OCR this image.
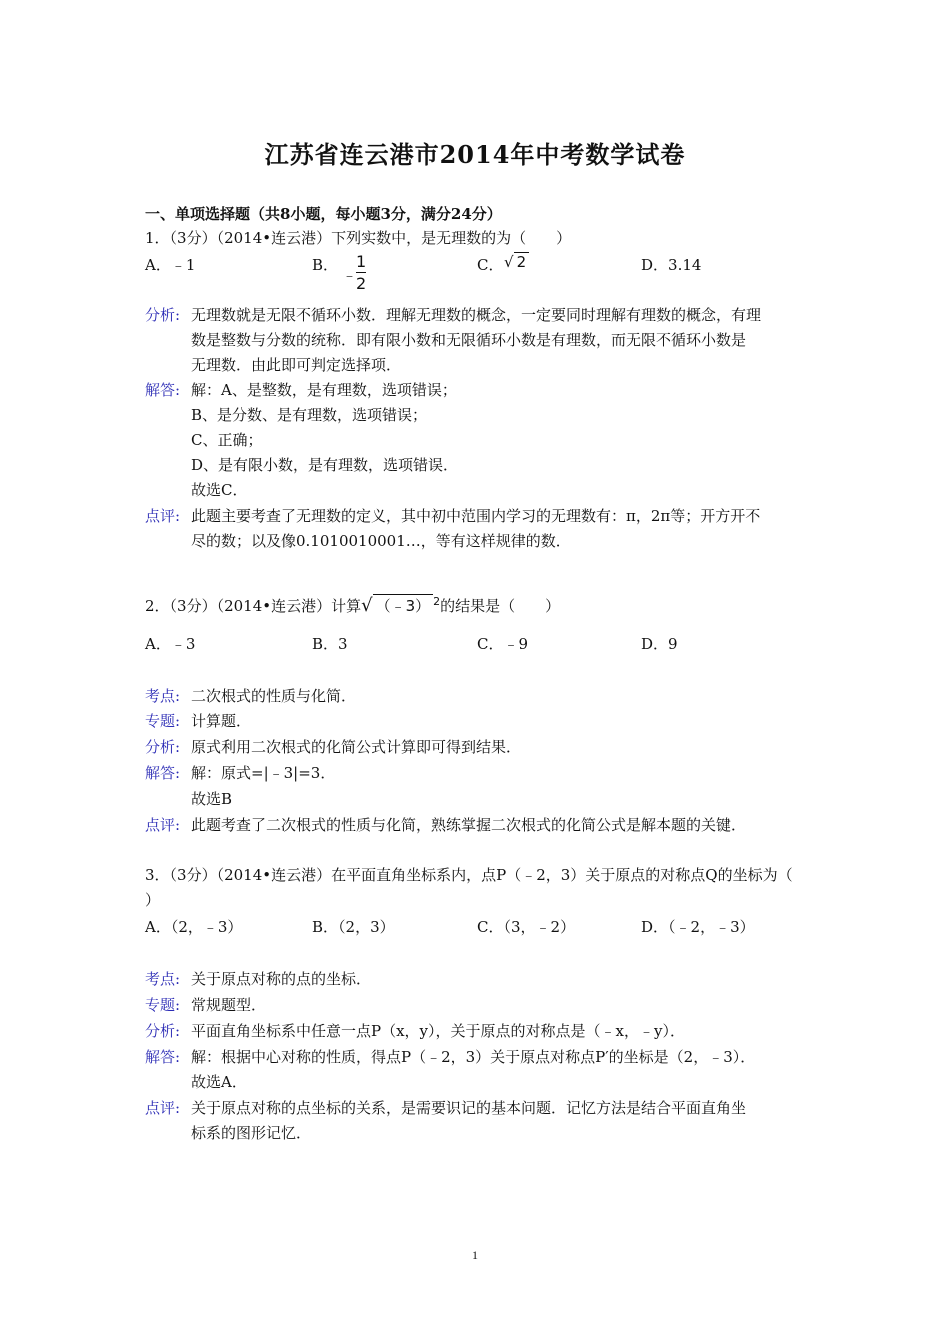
江苏省连云港市2014年中考数学试卷
一、单项选择题（共8小题，每小题3分，满分24分）
1．（3分）（2014•连云港）下列实数中，是无理数的为（　　）
A．﹣1	B．
﹣
1
2
C． √ 2	D．3.14
分析: 无理数就是无限不循环小数．理解无理数的概念，一定要同时理解有理数的概念，有理
数是整数与分数的统称．即有限小数和无限循环小数是有理数，而无限不循环小数是
无理数．由此即可判定选择项．
解答: 解：A、是整数，是有理数，选项错误；
B、是分数、是有理数，选项错误；
C、正确；
D、是有限小数，是有理数，选项错误．
故选C．
点评: 此题主要考查了无理数的定义，其中初中范围内学习的无理数有：π，2π等；开方开不
尽的数；以及像0.1010010001…，等有这样规律的数．
2．（3分）（2014•连云港）计算√ （﹣3） $^2$的结果是（　　）
A．﹣3	B．3	C．﹣9	D．9
考点: 二次根式的性质与化简．
专题: 计算题．
分析: 原式利用二次根式的化简公式计算即可得到结果．
解答: 解：原式=|﹣3|=3．
故选B
点评: 此题考查了二次根式的性质与化简，熟练掌握二次根式的化简公式是解本题的关键．
3．（3分）（2014•连云港）在平面直角坐标系内，点P（﹣2，3）关于原点的对称点Q的坐标为（
）
A．（2，﹣3）	B．（2，3）	C．（3，﹣2）	D．（﹣2，﹣3）
考点: 关于原点对称的点的坐标．
专题: 常规题型．
分析: 平面直角坐标系中任意一点P（x，y），关于原点的对称点是（﹣x，﹣y）．
解答: 解：根据中心对称的性质，得点P（﹣2，3）关于原点对称点P′的坐标是（2，﹣3）．
故选A．
点评: 关于原点对称的点坐标的关系，是需要识记的基本问题．记忆方法是结合平面直角坐
标系的图形记忆．
1
